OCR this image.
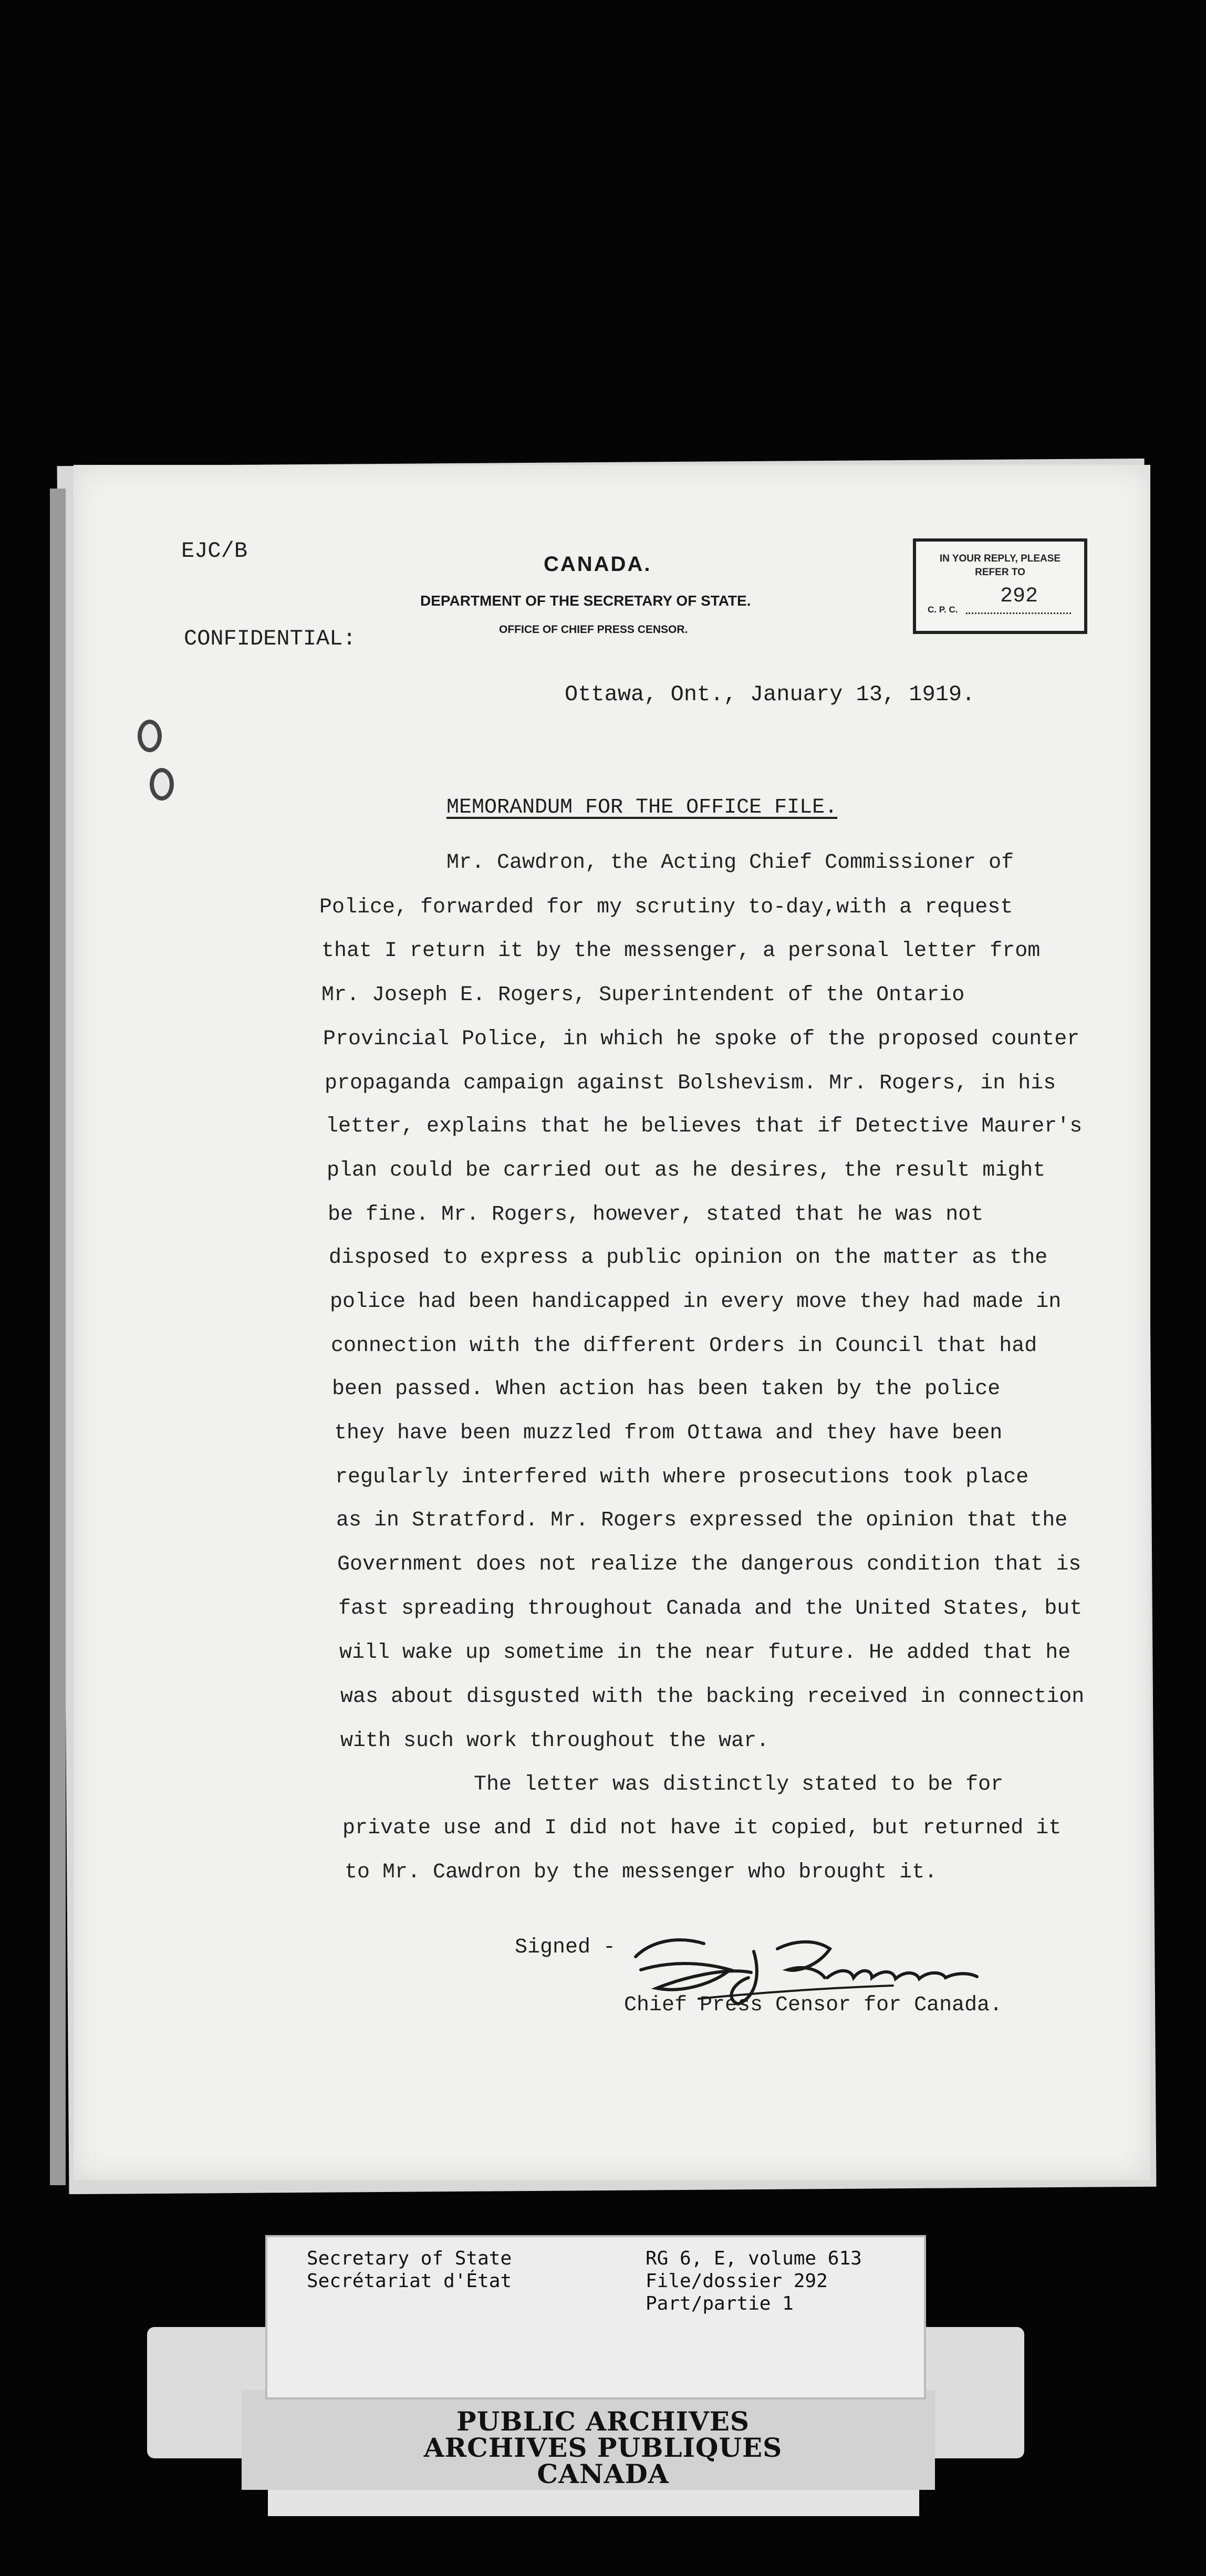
EJC/B
CONFIDENTIAL:
CANADA.
DEPARTMENT OF THE SECRETARY OF STATE.
OFFICE OF CHIEF PRESS CENSOR.
IN YOUR REPLY, PLEASE
REFER TO
292
C. P. C.
Ottawa, Ont., January 13, 1919.
MEMORANDUM FOR THE OFFICE FILE.
Mr. Cawdron, the Acting Chief Commissioner of
Police, forwarded for my scrutiny to-day,with a request
that I return it by the messenger, a personal letter from
Mr. Joseph E. Rogers, Superintendent of the Ontario
Provincial Police, in which he spoke of the proposed counter
propaganda campaign against Bolshevism. Mr. Rogers, in his
letter, explains that he believes that if Detective Maurer's
plan could be carried out as he desires, the result might
be fine. Mr. Rogers, however, stated that he was not
disposed to express a public opinion on the matter as the
police had been handicapped in every move they had made in
connection with the different Orders in Council that had
been passed. When action has been taken by the police
they have been muzzled from Ottawa and they have been
regularly interfered with where prosecutions took place
as in Stratford. Mr. Rogers expressed the opinion that the
Government does not realize the dangerous condition that is
fast spreading throughout Canada and the United States, but
will wake up sometime in the near future. He added that he
was about disgusted with the backing received in connection
with such work throughout the war.
The letter was distinctly stated to be for
private use and I did not have it copied, but returned it
to Mr. Cawdron by the messenger who brought it.
Signed -
Chief Press Censor for Canada.
Secretary of State
Secrétariat d'État
RG 6, E, volume 613
File/dossier 292
Part/partie 1
PUBLIC ARCHIVES
ARCHIVES PUBLIQUES
CANADA
